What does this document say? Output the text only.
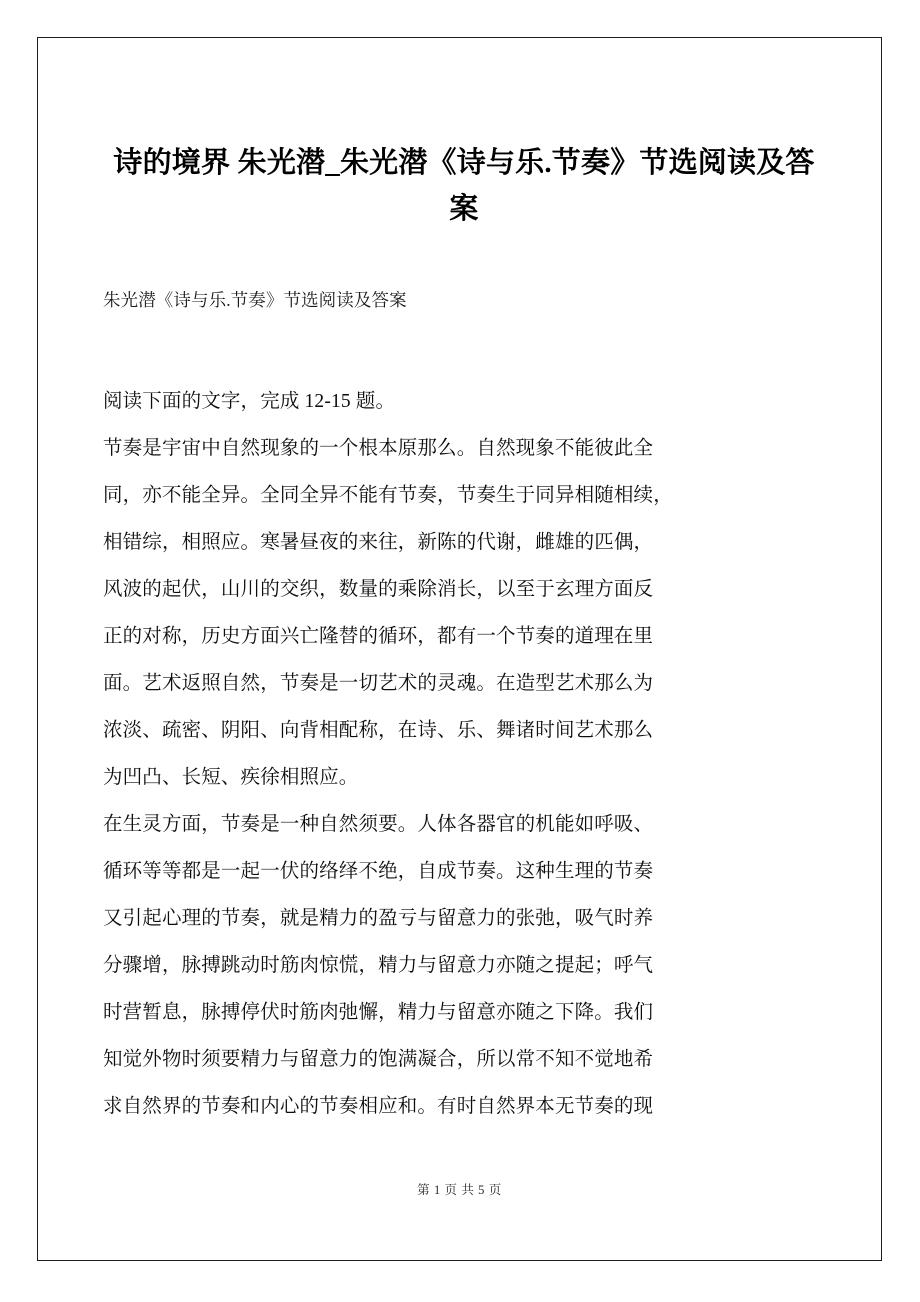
诗的境界 朱光潜_朱光潜《诗与乐.节奏》节选阅读及答案
朱光潜《诗与乐.节奏》节选阅读及答案
阅读下面的文字，完成 12-15 题。
节奏是宇宙中自然现象的一个根本原那么。自然现象不能彼此全
同，亦不能全异。全同全异不能有节奏，节奏生于同异相随相续，
相错综，相照应。寒暑昼夜的来往，新陈的代谢，雌雄的匹偶，
风波的起伏，山川的交织，数量的乘除消长，以至于玄理方面反
正的对称，历史方面兴亡隆替的循环，都有一个节奏的道理在里
面。艺术返照自然，节奏是一切艺术的灵魂。在造型艺术那么为
浓淡、疏密、阴阳、向背相配称，在诗、乐、舞诸时间艺术那么
为凹凸、长短、疾徐相照应。
在生灵方面，节奏是一种自然须要。人体各器官的机能如呼吸、
循环等等都是一起一伏的络绎不绝，自成节奏。这种生理的节奏
又引起心理的节奏，就是精力的盈亏与留意力的张弛，吸气时养
分骤增，脉搏跳动时筋肉惊慌，精力与留意力亦随之提起；呼气
时营暂息，脉搏停伏时筋肉弛懈，精力与留意亦随之下降。我们
知觉外物时须要精力与留意力的饱满凝合，所以常不知不觉地希
求自然界的节奏和内心的节奏相应和。有时自然界本无节奏的现
第 1 页 共 5 页
